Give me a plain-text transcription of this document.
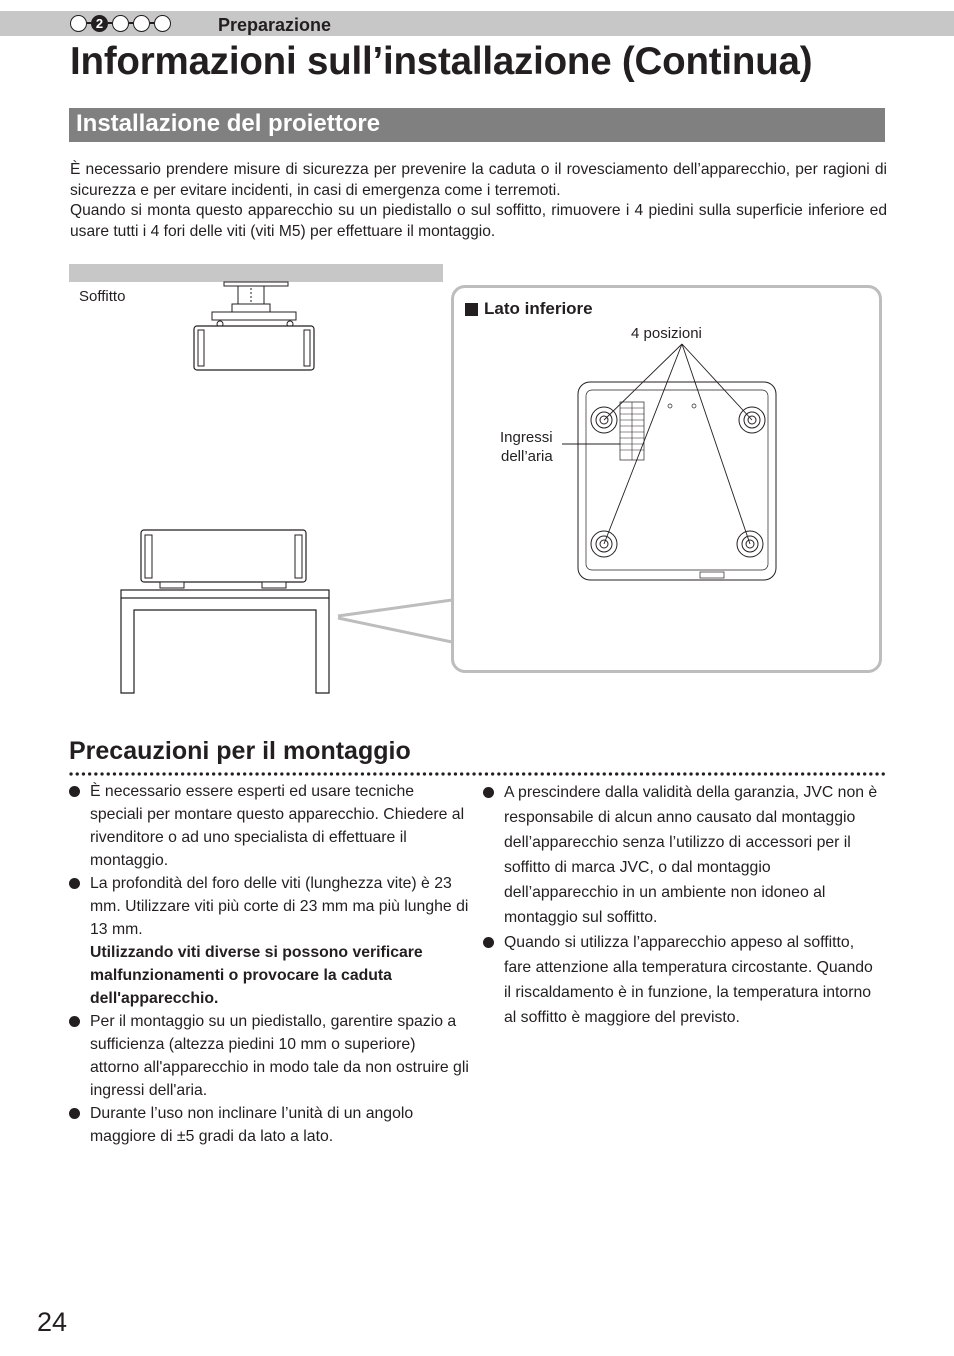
2	Preparazione
Informazioni sull’installazione (Continua)
Installazione del proiettore
È necessario prendere misure di sicurezza per prevenire la caduta o il rovesciamento dell’apparecchio, per ragioni di sicurezza e per evitare incidenti, in casi di emergenza come i terremoti.
Quando si monta questo apparecchio su un piedistallo o sul soffitto, rimuovere i 4 piedini sulla superficie inferiore ed usare tutti i 4 fori delle viti (viti M5) per effettuare il montaggio.
Soffitto
Lato inferiore
4 posizioni
Ingressi
dell’aria
Precauzioni per il montaggio
È necessario essere esperti ed usare tecniche speciali per montare questo apparecchio. Chiedere al rivenditore o ad uno specialista di effettuare il montaggio.
La profondità del foro delle viti (lunghezza vite) è 23 mm. Utilizzare viti più corte di 23 mm ma più lunghe di 13 mm.
Utilizzando viti diverse si possono verificare malfunzionamenti o provocare la caduta dell'apparecchio.
Per il montaggio su un piedistallo, garentire spazio a sufficienza (altezza piedini 10 mm o superiore) attorno all'apparecchio in modo tale da non ostruire gli ingressi dell'aria.
Durante l’uso non inclinare l’unità di un angolo maggiore di ±5 gradi da lato a lato.
A prescindere dalla validità della garanzia, JVC non è responsabile di alcun anno causato dal montaggio dell’apparecchio senza l’utilizzo di accessori per il soffitto di marca JVC, o dal montaggio dell’apparecchio in un ambiente non idoneo al montaggio sul soffitto.
Quando si utilizza l’apparecchio appeso al soffitto, fare attenzione alla temperatura circostante. Quando il riscaldamento è in funzione, la temperatura intorno al soffitto è maggiore del previsto.
24
